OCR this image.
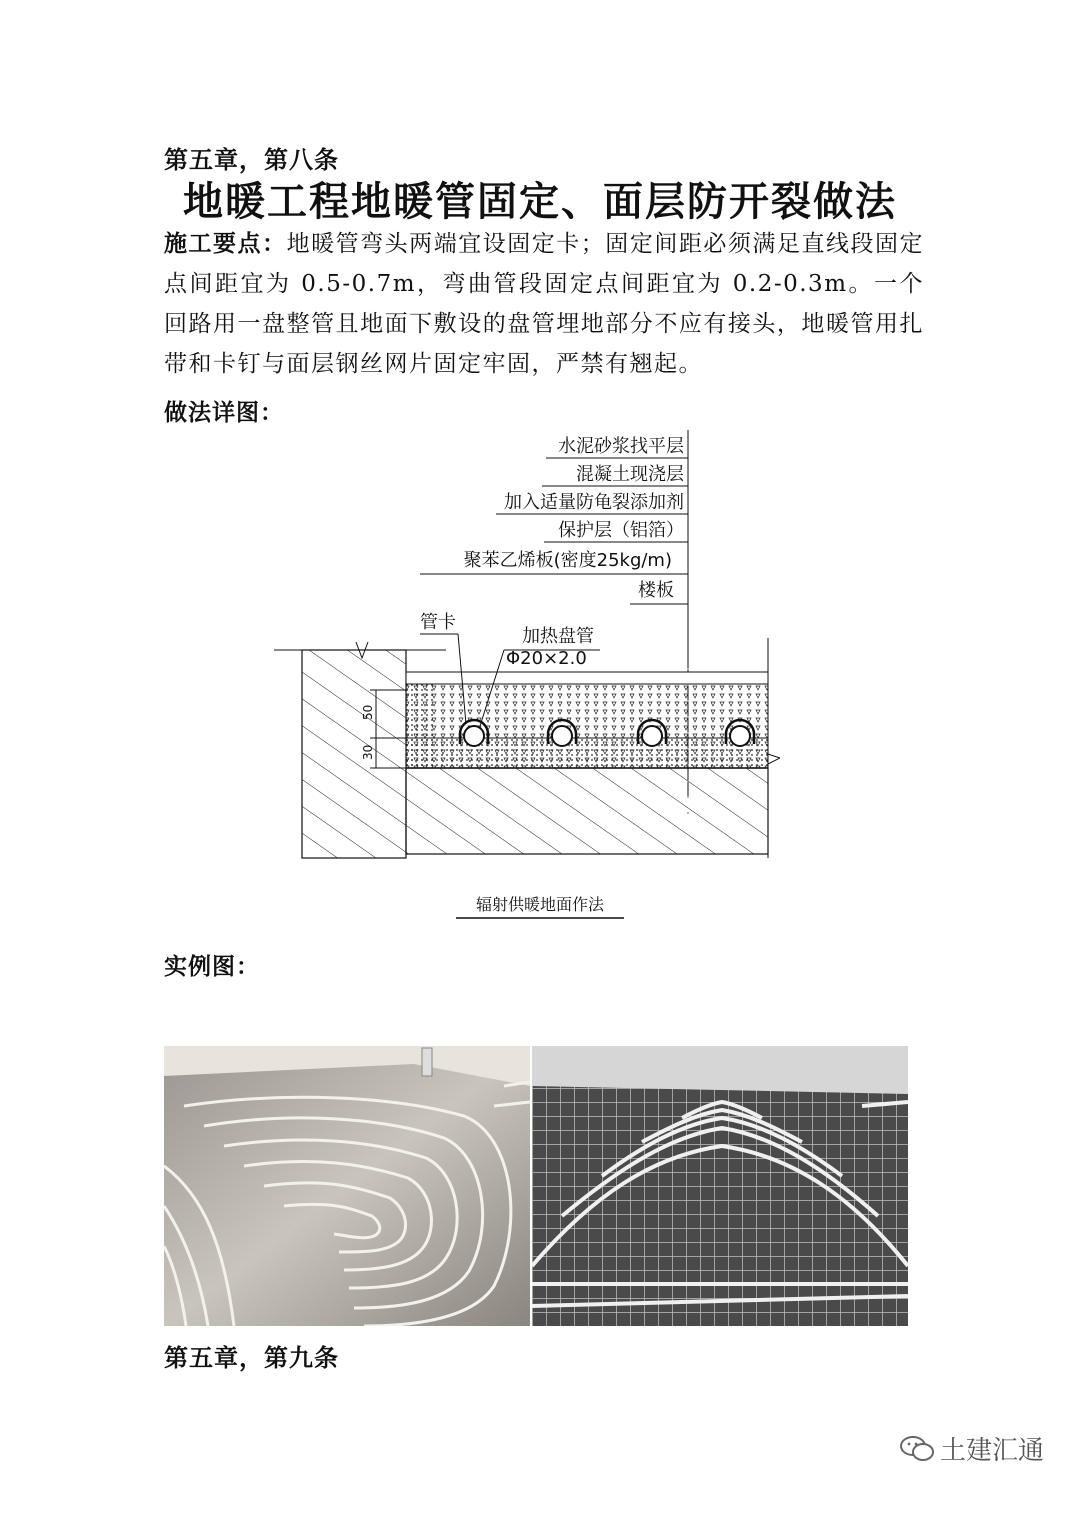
第五章，第八条
地暖工程地暖管固定、面层防开裂做法
施工要点：地暖管弯头两端宜设固定卡；固定间距必须满足直线段固定点间距宜为 0.5-0.7m，弯曲管段固定点间距宜为 0.2-0.3m。一个回路用一盘整管且地面下敷设的盘管埋地部分不应有接头，地暖管用扎带和卡钉与面层钢丝网片固定牢固，严禁有翘起。
做法详图：
水泥砂浆找平层
混凝土现浇层
加入适量防龟裂添加剂
保护层（铝箔）
聚苯乙烯板(密度25kg/m)
楼板
50
30
管卡
加热盘管
Φ20×2.0
辐射供暖地面作法
实例图：
第五章，第九条
土建汇通
